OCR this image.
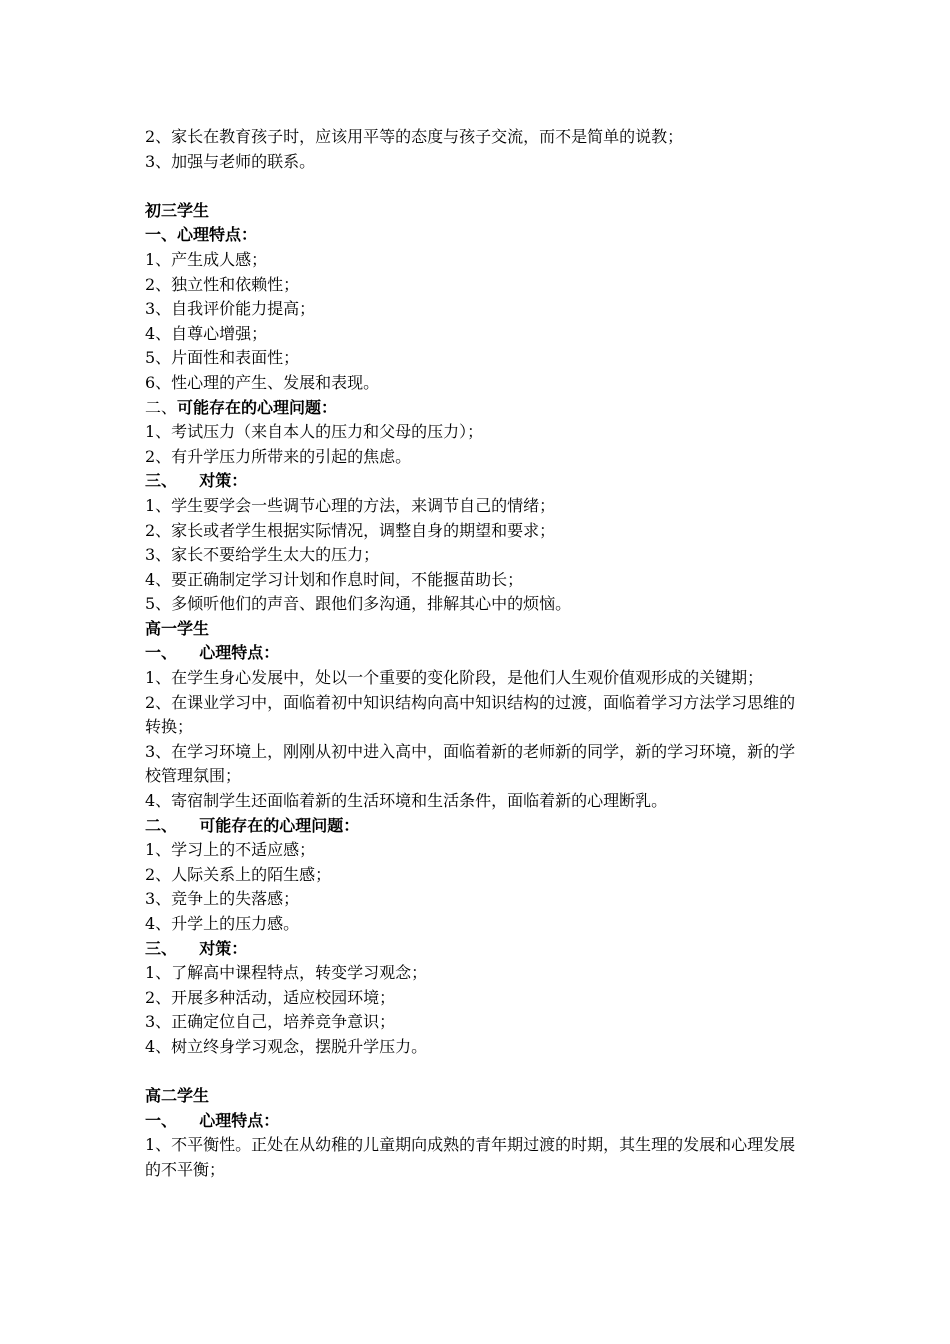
2、家长在教育孩子时，应该用平等的态度与孩子交流，而不是简单的说教；

3、加强与老师的联系。

初三学生

一、心理特点：

1、产生成人感；

2、独立性和依赖性；

3、自我评价能力提高；

4、自尊心增强；

5、片面性和表面性；

6、性心理的产生、发展和表现。

二、可能存在的心理问题：

1、考试压力（来自本人的压力和父母的压力）；

2、有升学压力所带来的引起的焦虑。

三、    对策：

1、学生要学会一些调节心理的方法，来调节自己的情绪；

2、家长或者学生根据实际情况，调整自身的期望和要求；

3、家长不要给学生太大的压力；

4、要正确制定学习计划和作息时间，不能揠苗助长；

5、多倾听他们的声音、跟他们多沟通，排解其心中的烦恼。

高一学生

一、    心理特点：

1、在学生身心发展中，处以一个重要的变化阶段，是他们人生观价值观形成的关键期；

2、在课业学习中，面临着初中知识结构向高中知识结构的过渡，面临着学习方法学习思维的转换；

3、在学习环境上，刚刚从初中进入高中，面临着新的老师新的同学，新的学习环境，新的学校管理氛围；

4、寄宿制学生还面临着新的生活环境和生活条件，面临着新的心理断乳。

二、    可能存在的心理问题：

1、学习上的不适应感；

2、人际关系上的陌生感；

3、竞争上的失落感；

4、升学上的压力感。

三、    对策：

1、了解高中课程特点，转变学习观念；

2、开展多种活动，适应校园环境；

3、正确定位自己，培养竞争意识；

4、树立终身学习观念，摆脱升学压力。

高二学生

一、    心理特点：

1、不平衡性。正处在从幼稚的儿童期向成熟的青年期过渡的时期，其生理的发展和心理发展的不平衡；
